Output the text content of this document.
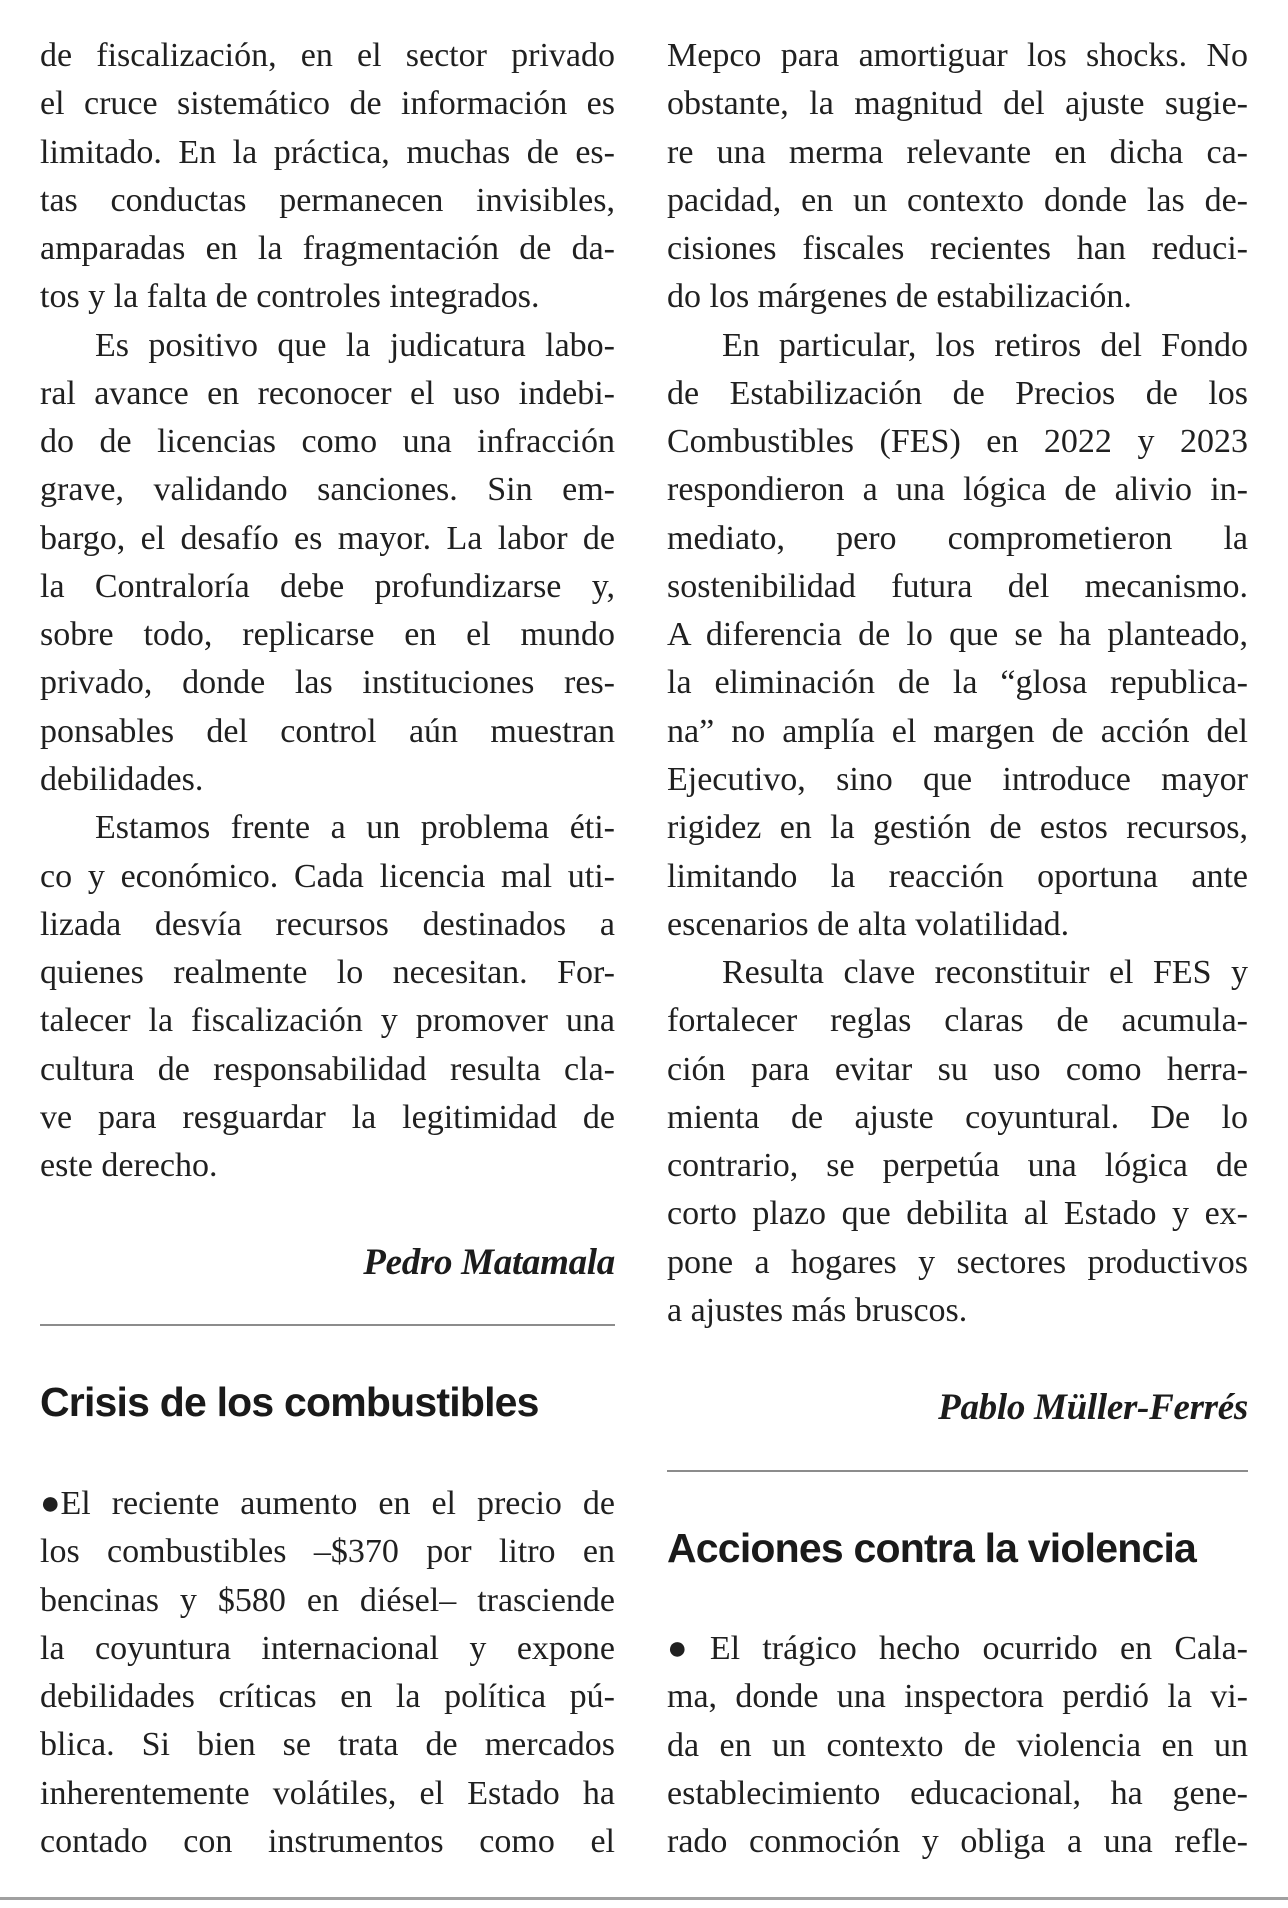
de fiscalización, en el sector privado
el cruce sistemático de información es
limitado. En la práctica, muchas de es-
tas conductas permanecen invisibles,
amparadas en la fragmentación de da-
tos y la falta de controles integrados.
Es positivo que la judicatura labo-
ral avance en reconocer el uso indebi-
do de licencias como una infracción
grave, validando sanciones. Sin em-
bargo, el desafío es mayor. La labor de
la Contraloría debe profundizarse y,
sobre todo, replicarse en el mundo
privado, donde las instituciones res-
ponsables del control aún muestran
debilidades.
Estamos frente a un problema éti-
co y económico. Cada licencia mal uti-
lizada desvía recursos destinados a
quienes realmente lo necesitan. For-
talecer la fiscalización y promover una
cultura de responsabilidad resulta cla-
ve para resguardar la legitimidad de
este derecho.
Pedro Matamala
Crisis de los combustibles
●El reciente aumento en el precio de
los combustibles –$370 por litro en
bencinas y $580 en diésel– trasciende
la coyuntura internacional y expone
debilidades críticas en la política pú-
blica. Si bien se trata de mercados
inherentemente volátiles, el Estado ha
contado con instrumentos como el
Mepco para amortiguar los shocks. No
obstante, la magnitud del ajuste sugie-
re una merma relevante en dicha ca-
pacidad, en un contexto donde las de-
cisiones fiscales recientes han reduci-
do los márgenes de estabilización.
En particular, los retiros del Fondo
de Estabilización de Precios de los
Combustibles (FES) en 2022 y 2023
respondieron a una lógica de alivio in-
mediato, pero comprometieron la
sostenibilidad futura del mecanismo.
A diferencia de lo que se ha planteado,
la eliminación de la “glosa republica-
na” no amplía el margen de acción del
Ejecutivo, sino que introduce mayor
rigidez en la gestión de estos recursos,
limitando la reacción oportuna ante
escenarios de alta volatilidad.
Resulta clave reconstituir el FES y
fortalecer reglas claras de acumula-
ción para evitar su uso como herra-
mienta de ajuste coyuntural. De lo
contrario, se perpetúa una lógica de
corto plazo que debilita al Estado y ex-
pone a hogares y sectores productivos
a ajustes más bruscos.
Pablo Müller-Ferrés
Acciones contra la violencia
● El trágico hecho ocurrido en Cala-
ma, donde una inspectora perdió la vi-
da en un contexto de violencia en un
establecimiento educacional, ha gene-
rado conmoción y obliga a una refle-
